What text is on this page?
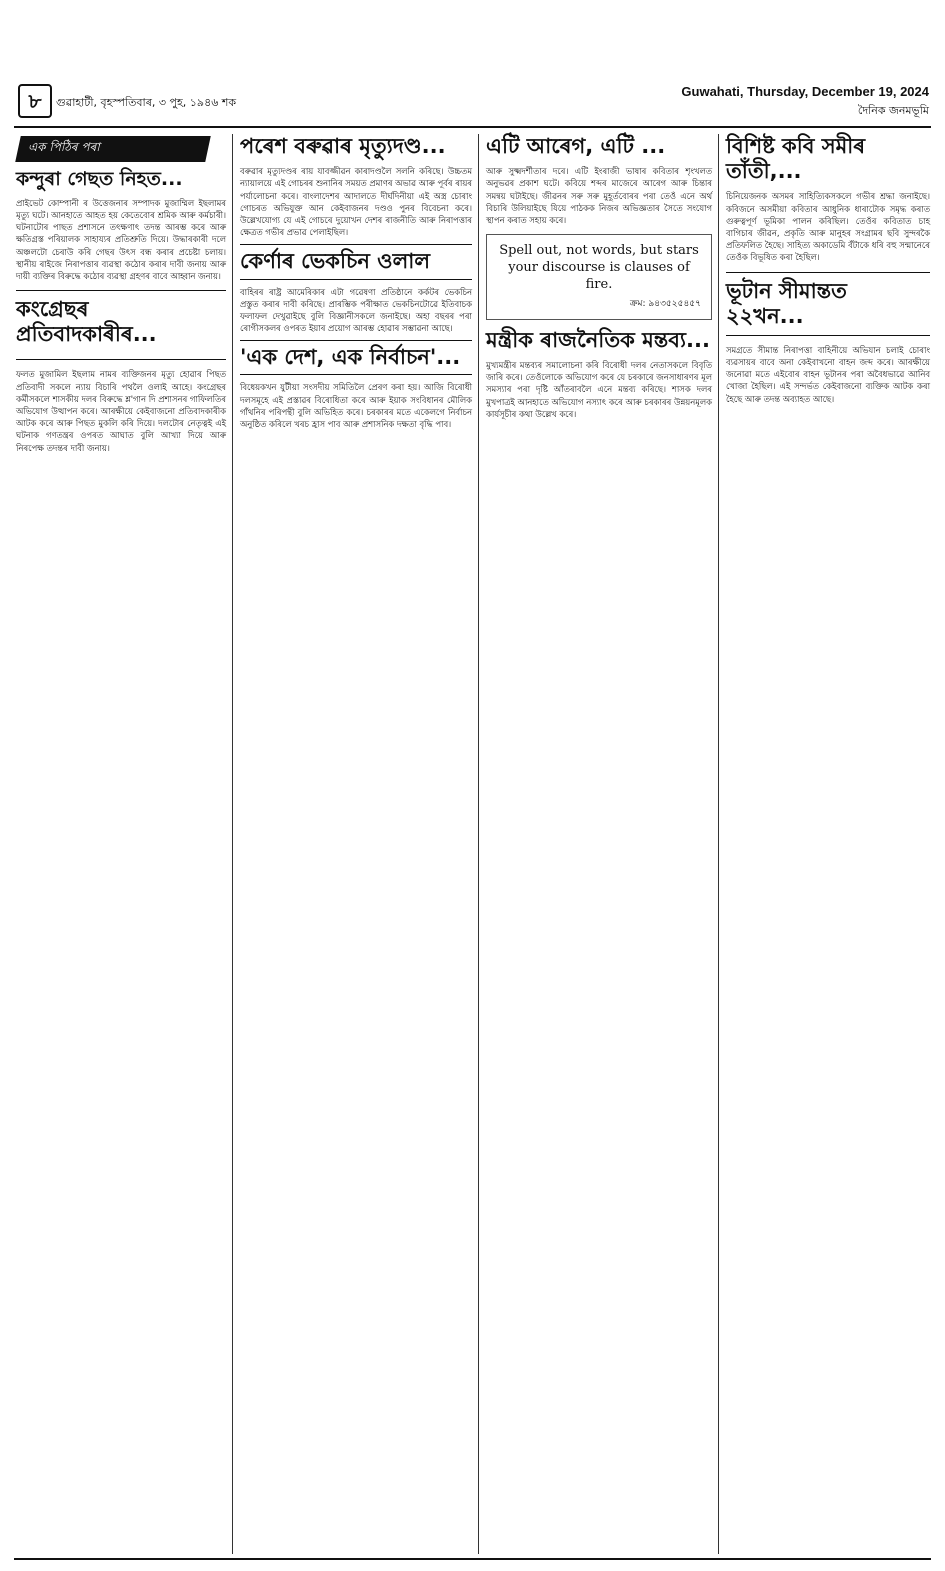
৮	গুৱাহাটী, বৃহস্পতিবাৰ, ৩ পুহ, ১৯৪৬ শক
Guwahati, Thursday, December 19, 2024
দৈনিক জনমভূমি
এক পিঠিৰ পৰা
কন্দুৰা গেছত নিহত...
প্ৰাইভেট কোম্পানী ৰ উত্তেজনাৰ সম্পাদক মুজাম্মিল ইছলামৰ মৃত্যু ঘটে। আনহাতে আহত হয় কেতেবোৰ শ্ৰমিক আৰু কৰ্মচাৰী। ঘটনাটোৰ পাছত প্ৰশাসনে তৎক্ষণাৎ তদন্ত আৰম্ভ কৰে আৰু ক্ষতিগ্ৰস্ত পৰিয়ালক সাহায্যৰ প্ৰতিশ্ৰুতি দিয়ে। উদ্ধাৰকাৰী দলে অঞ্চলটো চেৰাউ কৰি গেছৰ উৎস বন্ধ কৰাৰ প্ৰচেষ্টা চলায়। স্থানীয় ৰাইজে নিৰাপত্তাৰ ব্যৱস্থা কঠোৰ কৰাৰ দাবী জনায় আৰু দায়ী ব্যক্তিৰ বিৰুদ্ধে কঠোৰ ব্যৱস্থা গ্ৰহণৰ বাবে আহ্বান জনায়।
কংগ্ৰেছৰ প্ৰতিবাদকাৰীৰ...
ফলত মুজামিল ইছলাম নামৰ ব্যক্তিজনৰ মৃত্যু হোৱাৰ পিছত প্ৰতিবাদী সকলে ন্যায় বিচাৰি পথলৈ ওলাই আহে। কংগ্ৰেছৰ কৰ্মীসকলে শাসকীয় দলৰ বিৰুদ্ধে শ্ল'গান দি প্ৰশাসনৰ গাফিলতিৰ অভিযোগ উত্থাপন কৰে। আৰক্ষীয়ে কেইবাজনো প্ৰতিবাদকাৰীক আটক কৰে আৰু পিছত মুকলি কৰি দিয়ে। দলটোৰ নেতৃত্বই এই ঘটনাক গণতন্ত্ৰৰ ওপৰত আঘাত বুলি আখ্যা দিয়ে আৰু নিৰপেক্ষ তদন্তৰ দাবী জনায়।
পৰেশ বৰুৱাৰ মৃত্যুদণ্ড...
বৰুৱাৰ মৃত্যুদণ্ডৰ ৰায় যাবজ্জীৱন কাৰাদণ্ডলৈ সলনি কৰিছে। উচ্চতম ন্যায়ালয়ে এই গোচৰৰ শুনানিৰ সময়ত প্ৰমাণৰ অভাৱ আৰু পূৰ্বৰ ৰায়ৰ পৰ্যালোচনা কৰে। বাংলাদেশৰ আদালতে দীৰ্ঘদিনীয়া এই অস্ত্ৰ চোৰাং গোচৰত অভিযুক্ত আন কেইবাজনৰ দণ্ডও পুনৰ বিবেচনা কৰে। উল্লেখযোগ্য যে এই গোচৰে দুয়োখন দেশৰ ৰাজনীতি আৰু নিৰাপত্তাৰ ক্ষেত্ৰত গভীৰ প্ৰভাৱ পেলাইছিল।
কেৰ্ণাৰ ভেকচিন ওলাল
বাহিৰৰ ৰাষ্ট্ৰ আমেৰিকাৰ এটা গৱেষণা প্ৰতিষ্ঠানে কৰ্কটৰ ভেকচিন প্ৰস্তুত কৰাৰ দাবী কৰিছে। প্ৰাৰম্ভিক পৰীক্ষাত ভেকচিনটোৱে ইতিবাচক ফলাফল দেখুৱাইছে বুলি বিজ্ঞানীসকলে জনাইছে। অহা বছৰৰ পৰা ৰোগীসকলৰ ওপৰত ইয়াৰ প্ৰয়োগ আৰম্ভ হোৱাৰ সম্ভাৱনা আছে।
'এক দেশ, এক নিৰ্বাচন'...
বিধেয়কখন যুটীয়া সংসদীয় সমিতিলৈ প্ৰেৰণ কৰা হয়। আজি বিৰোধী দলসমূহে এই প্ৰস্তাৱৰ বিৰোধিতা কৰে আৰু ইয়াক সংবিধানৰ মৌলিক গাঁথনিৰ পৰিপন্থী বুলি অভিহিত কৰে। চৰকাৰৰ মতে একেলগে নিৰ্বাচন অনুষ্ঠিত কৰিলে খৰচ হ্ৰাস পাব আৰু প্ৰশাসনিক দক্ষতা বৃদ্ধি পাব।
এটি আৰেগ, এটি ...
আৰু সুক্ষ্মদৰ্শীতাৰ দৰে। এটি ইংৰাজী ভাষাৰ কবিতাৰ শৃংখলত অনুভৱৰ প্ৰকাশ ঘটে। কবিয়ে শব্দৰ মাজেৰে আৰেগ আৰু চিন্তাৰ সমন্বয় ঘটাইছে। জীৱনৰ সৰু সৰু মুহূৰ্তবোৰৰ পৰা তেওঁ এনে অৰ্থ বিচাৰি উলিয়াইছে যিয়ে পাঠকক নিজৰ অভিজ্ঞতাৰ সৈতে সংযোগ স্থাপন কৰাত সহায় কৰে।
Spell out, not words, but stars
your discourse is clauses of fire.
ক্ৰম: ৯৪৩৫২৫৪৫৭
মন্ত্ৰীক ৰাজনৈতিক মন্তব্য...
মুখ্যমন্ত্ৰীৰ মন্তব্যৰ সমালোচনা কৰি বিৰোধী দলৰ নেতাসকলে বিবৃতি জাৰি কৰে। তেওঁলোকে অভিযোগ কৰে যে চৰকাৰে জনসাধাৰণৰ মূল সমস্যাৰ পৰা দৃষ্টি আঁতৰাবলৈ এনে মন্তব্য কৰিছে। শাসক দলৰ মুখপাত্ৰই আনহাতে অভিযোগ নস্যাৎ কৰে আৰু চৰকাৰৰ উন্নয়নমূলক কাৰ্যসূচীৰ কথা উল্লেখ কৰে।
বিশিষ্ট কবি সমীৰ তাঁতী,...
চিনিয়েজনক অসমৰ সাহিত্যিকসকলে গভীৰ শ্ৰদ্ধা জনাইছে। কবিজনে অসমীয়া কবিতাৰ আধুনিক ধাৰাটোক সমৃদ্ধ কৰাত গুৰুত্বপূৰ্ণ ভূমিকা পালন কৰিছিল। তেওঁৰ কবিতাত চাহ বাগিচাৰ জীৱন, প্ৰকৃতি আৰু মানুহৰ সংগ্ৰামৰ ছবি সুন্দৰকৈ প্ৰতিফলিত হৈছে। সাহিত্য অকাডেমি বঁটাকে ধৰি বহু সন্মানেৰে তেওঁক বিভূষিত কৰা হৈছিল।
ভূটান সীমান্তত ২২খন...
সমগ্ৰতে সীমান্ত নিৰাপত্তা বাহিনীয়ে অভিযান চলাই চোৰাং ব্যৱসায়ৰ বাবে অনা কেইবাখনো বাহন জব্দ কৰে। আৰক্ষীয়ে জনোৱা মতে এইবোৰ বাহন ভূটানৰ পৰা অবৈধভাৱে আনিব খোজা হৈছিল। এই সন্দৰ্ভত কেইবাজনো ব্যক্তিক আটক কৰা হৈছে আৰু তদন্ত অব্যাহত আছে।
